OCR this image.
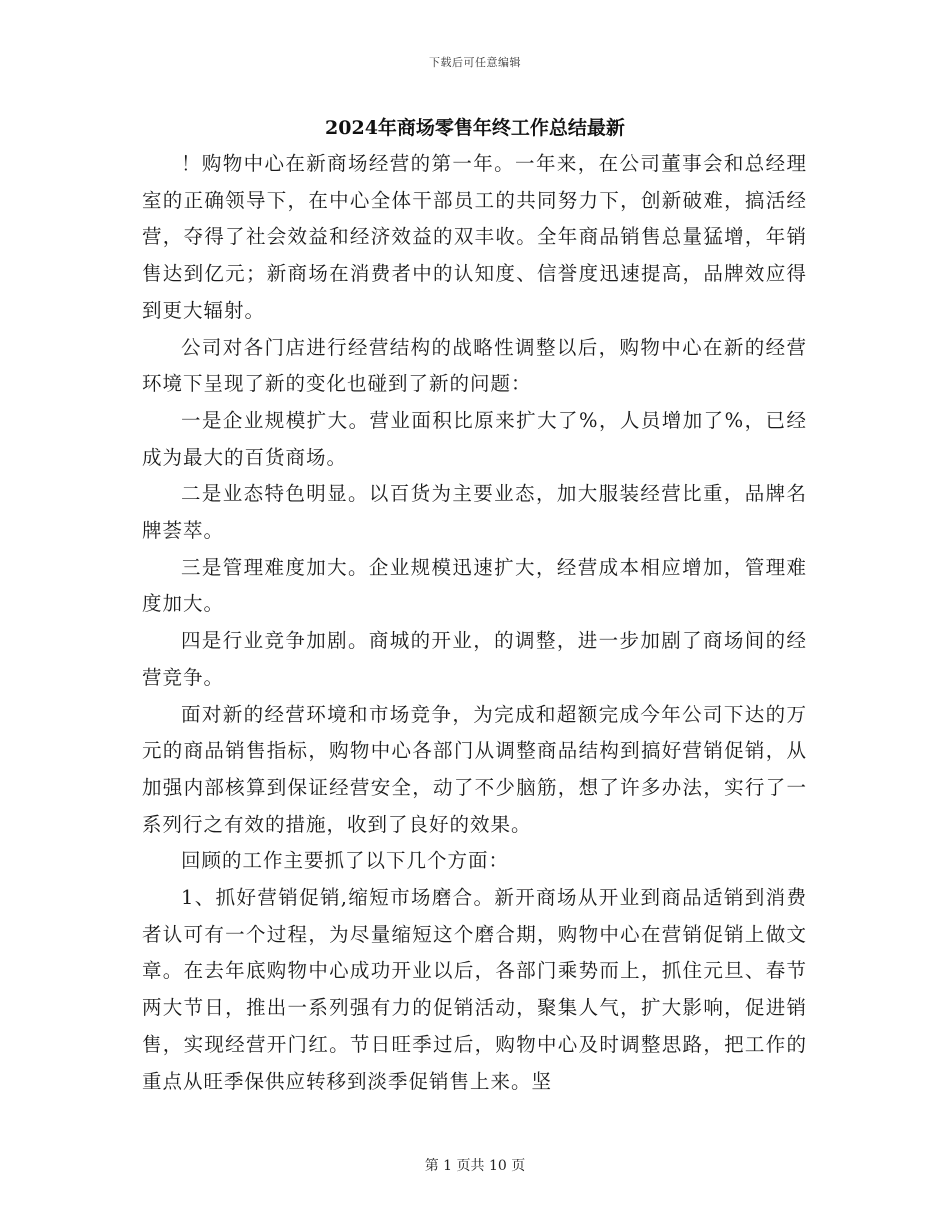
下载后可任意编辑
2024年商场零售年终工作总结最新

！购物中心在新商场经营的第一年。一年来，在公司董事会和总经理室的正确领导下，在中心全体干部员工的共同努力下，创新破难，搞活经营，夺得了社会效益和经济效益的双丰收。全年商品销售总量猛增，年销售达到亿元；新商场在消费者中的认知度、信誉度迅速提高，品牌效应得到更大辐射。

公司对各门店进行经营结构的战略性调整以后，购物中心在新的经营环境下呈现了新的变化也碰到了新的问题：

一是企业规模扩大。营业面积比原来扩大了%，人员增加了%，已经成为最大的百货商场。

二是业态特色明显。以百货为主要业态，加大服装经营比重，品牌名牌荟萃。

三是管理难度加大。企业规模迅速扩大，经营成本相应增加，管理难度加大。

四是行业竞争加剧。商城的开业，的调整，进一步加剧了商场间的经营竞争。

面对新的经营环境和市场竞争，为完成和超额完成今年公司下达的万元的商品销售指标，购物中心各部门从调整商品结构到搞好营销促销，从加强内部核算到保证经营安全，动了不少脑筋，想了许多办法，实行了一系列行之有效的措施，收到了良好的效果。

回顾的工作主要抓了以下几个方面：

1、抓好营销促销,缩短市场磨合。新开商场从开业到商品适销到消费者认可有一个过程，为尽量缩短这个磨合期，购物中心在营销促销上做文章。在去年底购物中心成功开业以后，各部门乘势而上，抓住元旦、春节两大节日，推出一系列强有力的促销活动，聚集人气，扩大影响，促进销售，实现经营开门红。节日旺季过后，购物中心及时调整思路，把工作的重点从旺季保供应转移到淡季促销售上来。坚

第 1 页共 10 页
